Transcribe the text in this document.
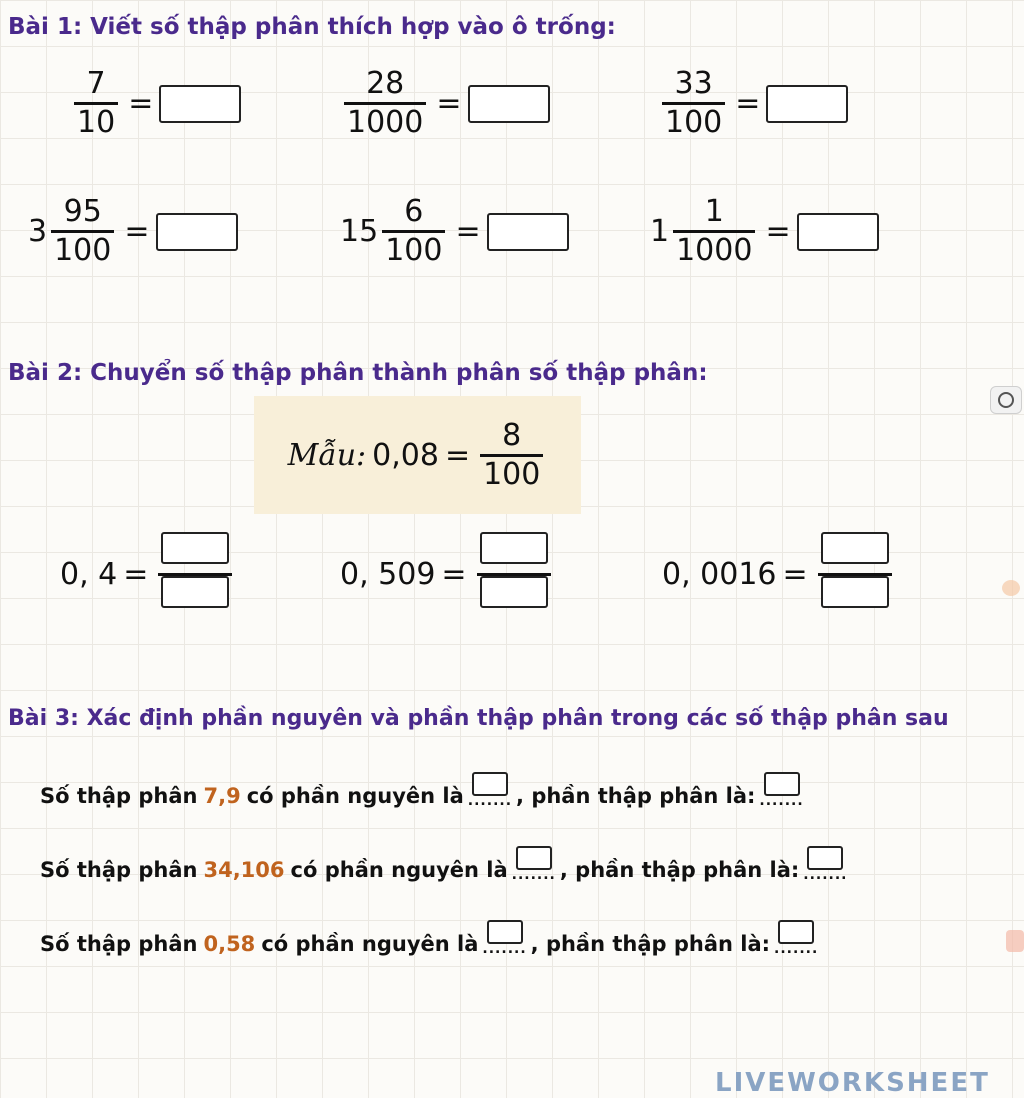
Bài 1: Viết số thập phân thích hợp vào ô trống:
$\frac{7}{10}$ =	$\frac{28}{1000}$ =	$\frac{33}{100}$ =
$3 \frac{95}{100}$ =	$15 \frac{6}{100}$ =	$1 \frac{1}{1000}$ =
Bài 2: Chuyển số thập phân thành phân số thập phân:
Mẫu: $0,08 = \frac{8}{100}$
0, 4 =	0, 509 =	0, 0016 =
Bài 3: Xác định phần nguyên và phần thập phân trong các số thập phân sau
Số thập phân 7,9 có phần nguyên là ....... , phần thập phân là: .......
Số thập phân 34,106 có phần nguyên là ....... , phần thập phân là: .......
Số thập phân 0,58 có phần nguyên là ....... , phần thập phân là: .......
LIVEWORKSHEET
